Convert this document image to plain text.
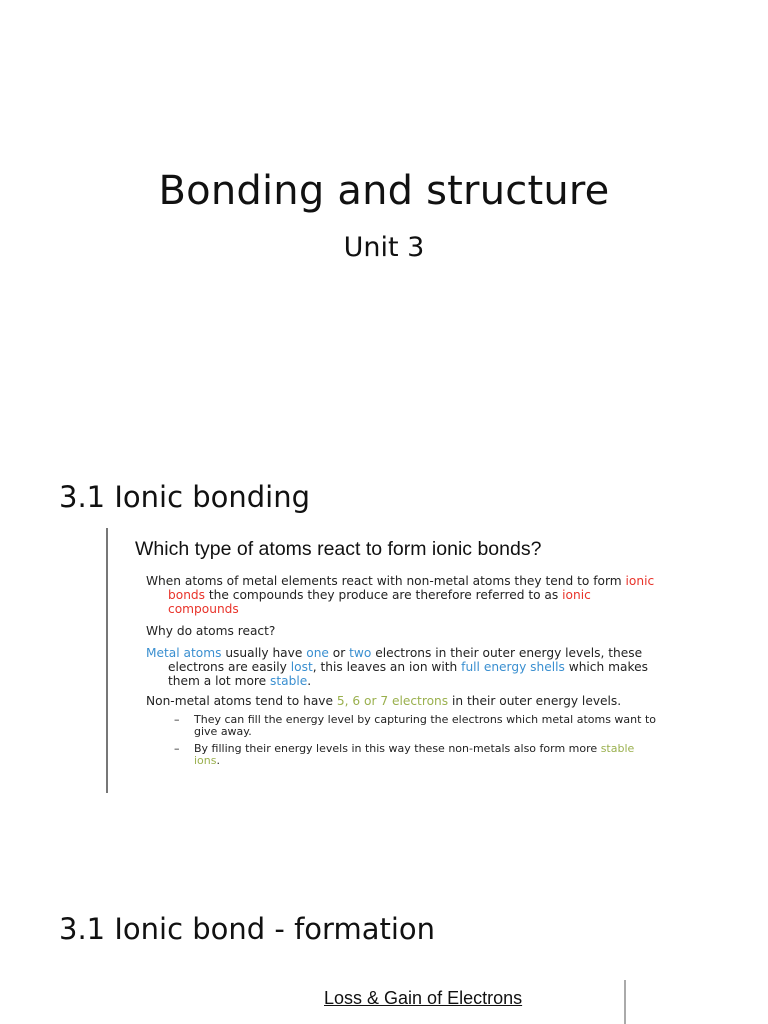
Bonding and structure
Unit 3
3.1 Ionic bonding
Which type of atoms react to form ionic bonds?

When atoms of metal elements react with non-metal atoms they tend to form ionic bonds the compounds they produce are therefore referred to as ionic compounds

Why do atoms react?

Metal atoms usually have one or two electrons in their outer energy levels, these electrons are easily lost, this leaves an ion with full energy shells which makes them a lot more stable.

Non-metal atoms tend to have 5, 6 or 7 electrons in their outer energy levels.

– They can fill the energy level by capturing the electrons which metal atoms want to give away.
– By filling their energy levels in this way these non-metals also form more stable ions.
3.1 Ionic bond - formation
Loss & Gain of Electrons
